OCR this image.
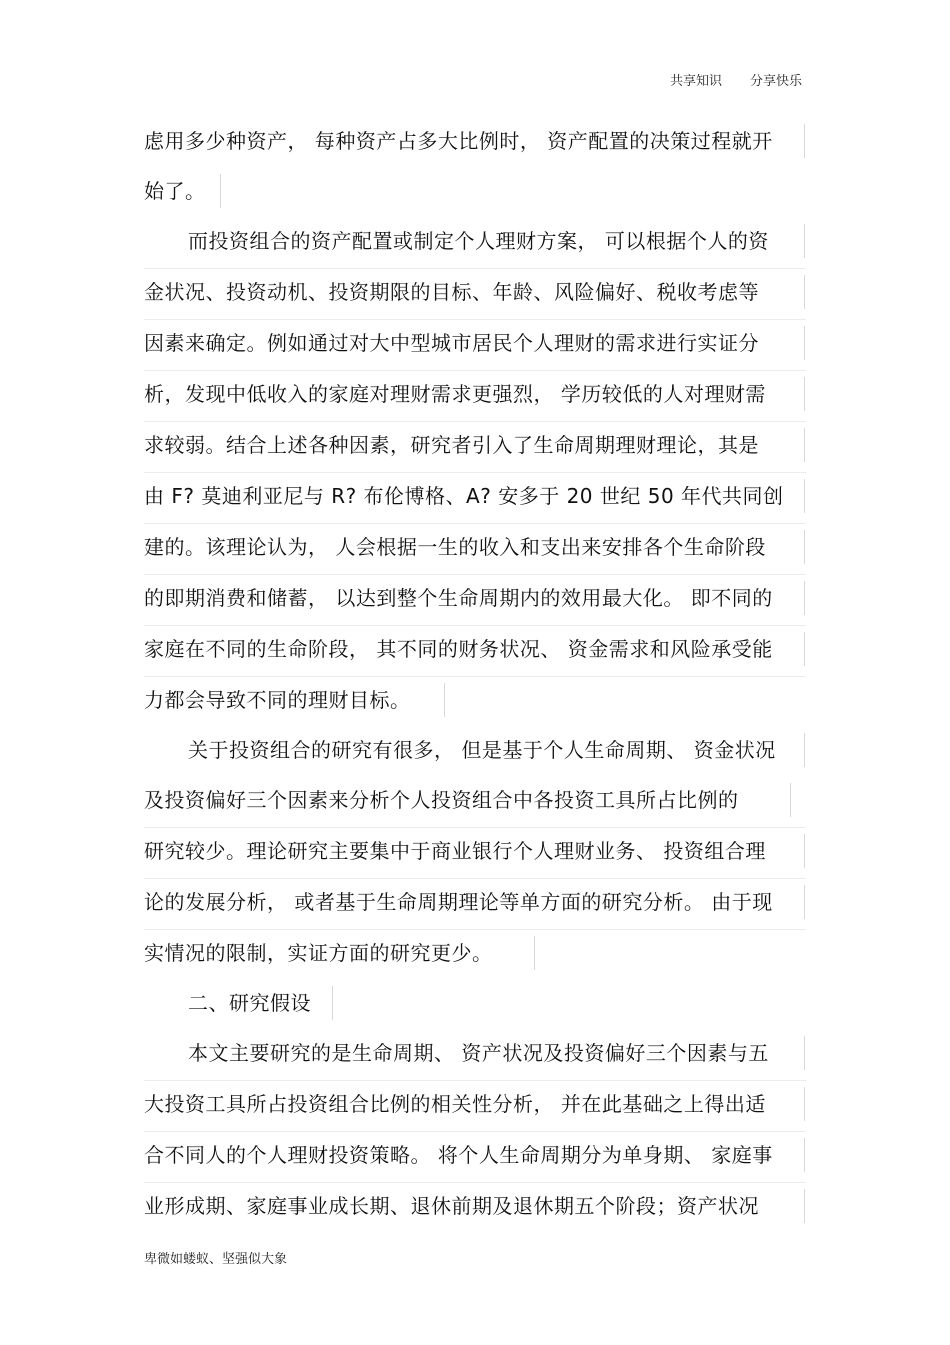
共享知识 分享快乐
虑用多少种资产， 每种资产占多大比例时， 资产配置的决策过程就开
始了。
而投资组合的资产配置或制定个人理财方案， 可以根据个人的资
金状况、投资动机、投资期限的目标、年龄、风险偏好、税收考虑等
因素来确定。例如通过对大中型城市居民个人理财的需求进行实证分
析，发现中低收入的家庭对理财需求更强烈， 学历较低的人对理财需
求较弱。结合上述各种因素，研究者引入了生命周期理财理论，其是
由 F? 莫迪利亚尼与 R? 布伦博格、A? 安多于 20 世纪 50 年代共同创
建的。该理论认为， 人会根据一生的收入和支出来安排各个生命阶段
的即期消费和储蓄， 以达到整个生命周期内的效用最大化。 即不同的
家庭在不同的生命阶段， 其不同的财务状况、 资金需求和风险承受能
力都会导致不同的理财目标。
关于投资组合的研究有很多， 但是基于个人生命周期、 资金状况
及投资偏好三个因素来分析个人投资组合中各投资工具所占比例的
研究较少。理论研究主要集中于商业银行个人理财业务、 投资组合理
论的发展分析， 或者基于生命周期理论等单方面的研究分析。 由于现
实情况的限制，实证方面的研究更少。
二、研究假设
本文主要研究的是生命周期、 资产状况及投资偏好三个因素与五
大投资工具所占投资组合比例的相关性分析， 并在此基础之上得出适
合不同人的个人理财投资策略。 将个人生命周期分为单身期、 家庭事
业形成期、家庭事业成长期、退休前期及退休期五个阶段；资产状况
卑微如蝼蚁、坚强似大象
